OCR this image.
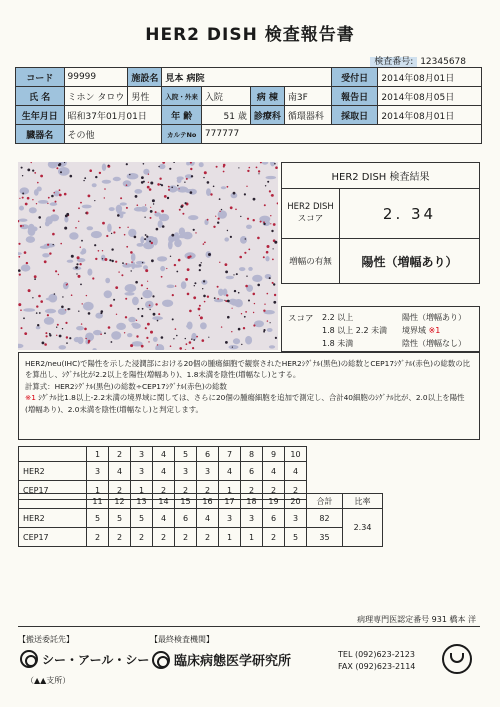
HER2 DISH 検査報告書
検査番号: 12345678
コード	99999	施設名	見本 病院				受付日	2014年08月01日
氏 名	ミホン タロウ	男性	入院・外来	入院	病 棟	南3F	報告日	2014年08月05日
生年月日	昭和37年01月01日		年 齢	51 歳	診療科	循環器科	採取日	2014年08月01日
臓器名	その他		カルテNo	777777				
HER2 DISH 検査結果	

HER2 DISH
スコア	2. 34
増幅の有無	陽性（増幅あり）
スコア 2.2 以上	陽性（増幅あり）
1.8 以上 2.2 未満 境界域 ※1
1.8 未満	陰性（増幅なし）
HER2/neu(IHC)で陽性を示した浸潤部における20個の腫瘍細胞で観察されたHER2ｼｸﾞﾅﾙ(黒色)の総数とCEP17ｼｸﾞﾅﾙ(赤色)の総数の比を算出し、ｼｸﾞﾅﾙ比が2.2以上を陽性(増幅あり)、1.8未満を陰性(増幅なし)とする。
計算式：HER2ｼｸﾞﾅﾙ(黒色)の総数÷CEP17ｼｸﾞﾅﾙ(赤色)の総数
※1 ｼｸﾞﾅﾙ比1.8以上-2.2未満の境界域に関しては、さらに20個の腫瘍細胞を追加で測定し、合計40細胞のｼｸﾞﾅﾙ比が、2.0以上を陽性(増幅あり)、2.0未満を陰性(増幅なし)と判定します。
	1	2	3	4	5	6	7	8	9	10
HER2	3	4	3	4	3	3	4	6	4	4
CEP17	1	2	1	2	2	2	1	2	2	2
	11	12	13	14	15	16	17	18	19	20	合計	比率
HER2	5	5	5	4	6	4	3	3	6	3	82	2.34
CEP17	2	2	2	2	2	2	1	1	2	5	35	
病理専門医認定番号 931 橋本 洋
【搬送委託先】
シー・アール・シー
（▲▲支所）
【最終検査機関】
臨床病態医学研究所	TEL (092)623-2123
FAX (092)623-2114
